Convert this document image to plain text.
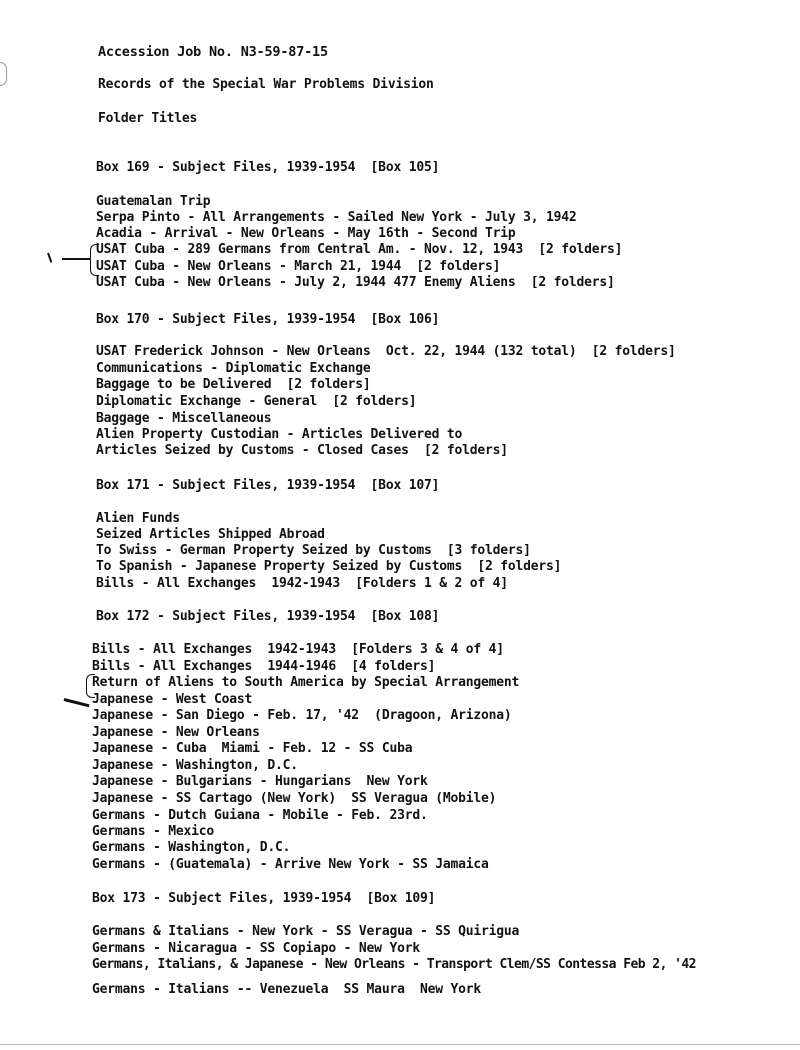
Accession Job No. N3-59-87-15
Records of the Special War Problems Division
Folder Titles
Box 169 - Subject Files, 1939-1954  [Box 105]
Guatemalan Trip
Serpa Pinto - All Arrangements - Sailed New York - July 3, 1942
Acadia - Arrival - New Orleans - May 16th - Second Trip
USAT Cuba - 289 Germans from Central Am. - Nov. 12, 1943  [2 folders]
USAT Cuba - New Orleans - March 21, 1944  [2 folders]
USAT Cuba - New Orleans - July 2, 1944 477 Enemy Aliens  [2 folders]
Box 170 - Subject Files, 1939-1954  [Box 106]
USAT Frederick Johnson - New Orleans  Oct. 22, 1944 (132 total)  [2 folders]
Communications - Diplomatic Exchange
Baggage to be Delivered  [2 folders]
Diplomatic Exchange - General  [2 folders]
Baggage - Miscellaneous
Alien Property Custodian - Articles Delivered to
Articles Seized by Customs - Closed Cases  [2 folders]
Box 171 - Subject Files, 1939-1954  [Box 107]
Alien Funds
Seized Articles Shipped Abroad
To Swiss - German Property Seized by Customs  [3 folders]
To Spanish - Japanese Property Seized by Customs  [2 folders]
Bills - All Exchanges  1942-1943  [Folders 1 & 2 of 4]
Box 172 - Subject Files, 1939-1954  [Box 108]
Bills - All Exchanges  1942-1943  [Folders 3 & 4 of 4]
Bills - All Exchanges  1944-1946  [4 folders]
Return of Aliens to South America by Special Arrangement
Japanese - West Coast
Japanese - San Diego - Feb. 17, '42  (Dragoon, Arizona)
Japanese - New Orleans
Japanese - Cuba  Miami - Feb. 12 - SS Cuba
Japanese - Washington, D.C.
Japanese - Bulgarians - Hungarians  New York
Japanese - SS Cartago (New York)  SS Veragua (Mobile)
Germans - Dutch Guiana - Mobile - Feb. 23rd.
Germans - Mexico
Germans - Washington, D.C.
Germans - (Guatemala) - Arrive New York - SS Jamaica
Box 173 - Subject Files, 1939-1954  [Box 109]
Germans & Italians - New York - SS Veragua - SS Quirigua
Germans - Nicaragua - SS Copiapo - New York
Germans, Italians, & Japanese - New Orleans - Transport Clem/SS Contessa Feb 2, '42
Germans - Italians -- Venezuela  SS Maura  New York
